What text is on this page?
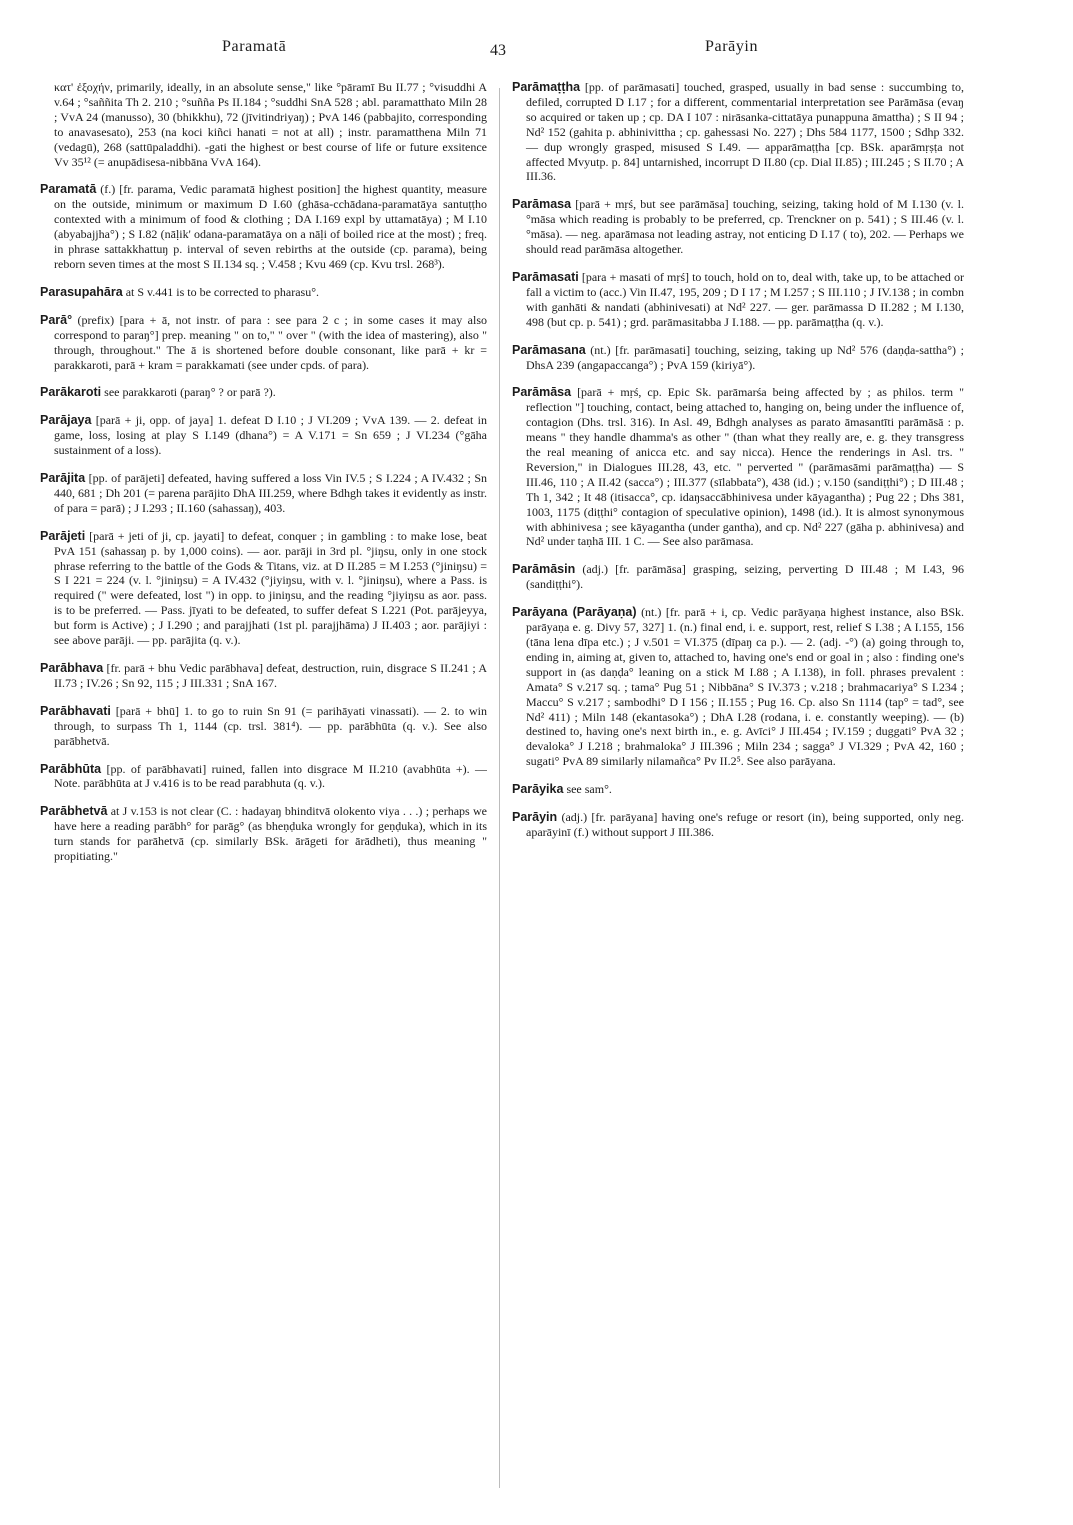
Paramatā	43	Parāyin

κατ' ἐξοχήν, primarily, ideally, in an absolute sense," like °pāramī Bu II.77 ; °visuddhi A v.64 ; °saññita Th 2. 210 ; °suñña Ps II.184 ; °suddhi SnA 528 ; abl. paramatthato Miln 28 ; VvA 24 (manusso), 30 (bhikkhu), 72 (jīvitindriyaŋ) ; PvA 146 (pabbajito, corresponding to anavasesato), 253 (na koci kiñci hanati = not at all) ; instr. paramatthena Miln 71 (vedagū), 268 (sattūpaladdhi). -gati the highest or best course of life or future exsitence Vv 35¹² (= anupādisesa-nibbāna VvA 164).

Paramatā (f.) [fr. parama, Vedic paramatā highest position] the highest quantity, measure on the outside, minimum or maximum D I.60 (ghāsa-cchādana-paramatāya santuṭṭho contexted with a minimum of food & clothing ; DA I.169 expl by uttamatāya) ; M I.10 (abyabajjha°) ; S I.82 (nāḷik' odana-paramatāya on a nāḷi of boiled rice at the most) ; freq. in phrase sattakkhattuŋ p. interval of seven rebirths at the outside (cp. parama), being reborn seven times at the most S II.134 sq. ; V.458 ; Kvu 469 (cp. Kvu trsl. 268³).

Parasupahāra at S v.441 is to be corrected to pharasu°.

Parā° (prefix) [para + ā, not instr. of para : see para 2 c ; in some cases it may also correspond to paraŋ°] prep. meaning " on to," " over " (with the idea of mastering), also " through, throughout." The ā is shortened before double consonant, like parā + kr = parakkaroti, parā + kram = parakkamati (see under cpds. of para).

Parākaroti see parakkaroti (paraŋ° ? or parā ?).

Parājaya [parā + ji, opp. of jaya] 1. defeat D I.10 ; J VI.209 ; VvA 139. — 2. defeat in game, loss, losing at play S I.149 (dhana°) = A V.171 = Sn 659 ; J VI.234 (°gāha sustainment of a loss).

Parājita [pp. of parājeti] defeated, having suffered a loss Vin IV.5 ; S I.224 ; A IV.432 ; Sn 440, 681 ; Dh 201 (= parena parājito DhA III.259, where Bdhgh takes it evidently as instr. of para = parā) ; J I.293 ; II.160 (sahassaŋ), 403.

Parājeti [parā + jeti of ji, cp. jayati] to defeat, conquer ; in gambling : to make lose, beat PvA 151 (sahassaŋ p. by 1,000 coins). — aor. parāji in 3rd pl. °jiŋsu, only in one stock phrase referring to the battle of the Gods & Titans, viz. at D II.285 = M I.253 (°jiniŋsu) = S I 221 = 224 (v. l. °jiniŋsu) = A IV.432 (°jiyiŋsu, with v. l. °jiniŋsu), where a Pass. is required (" were defeated, lost ") in opp. to jiniŋsu, and the reading °jiyiŋsu as aor. pass. is to be preferred. — Pass. jīyati to be defeated, to suffer defeat S I.221 (Pot. parājeyya, but form is Active) ; J I.290 ; and parajjhati (1st pl. parajjhāma) J II.403 ; aor. parājiyi : see above parāji. — pp. parājita (q. v.).

Parābhava [fr. parā + bhu Vedic parābhava] defeat, destruction, ruin, disgrace S II.241 ; A II.73 ; IV.26 ; Sn 92, 115 ; J III.331 ; SnA 167.

Parābhavati [parā + bhū] 1. to go to ruin Sn 91 (= parihāyati vinassati). — 2. to win through, to surpass Th 1, 1144 (cp. trsl. 381⁴). — pp. parābhūta (q. v.). See also parābhetvā.

Parābhūta [pp. of parābhavati] ruined, fallen into disgrace M II.210 (avabhūta +). — Note. parābhūta at J v.416 is to be read parabhuta (q. v.).

Parābhetvā at J v.153 is not clear (C. : hadayaŋ bhinditvā olokento viya . . .) ; perhaps we have here a reading parābh° for parāg° (as bheṇḍuka wrongly for geṇḍuka), which in its turn stands for parāhetvā (cp. similarly BSk. ārāgeti for ārādheti), thus meaning " propitiating."

Parāmaṭṭha [pp. of parāmasati] touched, grasped, usually in bad sense : succumbing to, defiled, corrupted D I.17 ; for a different, commentarial interpretation see Parāmāsa (evaŋ so acquired or taken up ; cp. DA I 107 : nirāsanka-cittatāya punappuna āmattha) ; S II 94 ; Nd² 152 (gahita p. abhinivittha ; cp. gahessasi No. 227) ; Dhs 584 1177, 1500 ; Sdhp 332. — dup wrongly grasped, misused S I.49. — apparāmaṭṭha [cp. BSk. aparāmṛṣṭa not affected Mvyutp. p. 84] untarnished, incorrupt D II.80 (cp. Dial II.85) ; III.245 ; S II.70 ; A III.36.

Parāmasa [parā + mṛś, but see parāmāsa] touching, seizing, taking hold of M I.130 (v. l. °māsa which reading is probably to be preferred, cp. Trenckner on p. 541) ; S III.46 (v. l. °māsa). — neg. aparāmasa not leading astray, not enticing D I.17 ( to), 202. — Perhaps we should read parāmāsa altogether.

Parāmasati [para + masati of mṛś] to touch, hold on to, deal with, take up, to be attached or fall a victim to (acc.) Vin II.47, 195, 209 ; D I 17 ; M I.257 ; S III.110 ; J IV.138 ; in combn with ganhāti & nandati (abhinivesati) at Nd² 227. — ger. parāmassa D II.282 ; M I.130, 498 (but cp. p. 541) ; grd. parāmasitabba J I.188. — pp. parāmaṭṭha (q. v.).

Parāmasana (nt.) [fr. parāmasati] touching, seizing, taking up Nd² 576 (daṇḍa-sattha°) ; DhsA 239 (angapaccanga°) ; PvA 159 (kiriyā°).

Parāmāsa [parā + mṛś, cp. Epic Sk. parāmarśa being affected by ; as philos. term " reflection "] touching, contact, being attached to, hanging on, being under the influence of, contagion (Dhs. trsl. 316). In Asl. 49, Bdhgh analyses as parato āmasantīti parāmāsā : p. means " they handle dhamma's as other " (than what they really are, e. g. they transgress the real meaning of anicca etc. and say nicca). Hence the renderings in Asl. trs. " Reversion," in Dialogues III.28, 43, etc. " perverted " (parāmasāmi parāmaṭṭha) — S III.46, 110 ; A II.42 (sacca°) ; III.377 (sīlabbata°), 438 (id.) ; v.150 (sandiṭṭhi°) ; D III.48 ; Th 1, 342 ; It 48 (itisacca°, cp. idaŋsaccābhinivesa under kāyagantha) ; Pug 22 ; Dhs 381, 1003, 1175 (diṭṭhi° contagion of speculative opinion), 1498 (id.). It is almost synonymous with abhinivesa ; see kāyagantha (under gantha), and cp. Nd² 227 (gāha p. abhinivesa) and Nd² under taṇhā III. 1 C. — See also parāmasa.

Parāmāsin (adj.) [fr. parāmāsa] grasping, seizing, perverting D III.48 ; M I.43, 96 (sandiṭṭhi°).

Parāyana (Parāyaṇa) (nt.) [fr. parā + i, cp. Vedic parāyaṇa highest instance, also BSk. parāyaṇa e. g. Divy 57, 327] 1. (n.) final end, i. e. support, rest, relief S I.38 ; A I.155, 156 (tāna lena dīpa etc.) ; J v.501 = VI.375 (dīpaŋ ca p.). — 2. (adj. -°) (a) going through to, ending in, aiming at, given to, attached to, having one's end or goal in ; also : finding one's support in (as daṇḍa° leaning on a stick M I.88 ; A I.138), in foll. phrases prevalent : Amata° S v.217 sq. ; tama° Pug 51 ; Nibbāna° S IV.373 ; v.218 ; brahmacariya° S I.234 ; Maccu° S v.217 ; sambodhi° D I 156 ; II.155 ; Pug 16. Cp. also Sn 1114 (tap° = tad°, see Nd² 411) ; Miln 148 (ekantasoka°) ; DhA I.28 (rodana, i. e. constantly weeping). — (b) destined to, having one's next birth in., e. g. Avīci° J III.454 ; IV.159 ; duggati° PvA 32 ; devaloka° J I.218 ; brahmaloka° J III.396 ; Miln 234 ; sagga° J VI.329 ; PvA 42, 160 ; sugati° PvA 89 similarly nilamañca° Pv II.2⁵. See also parāyana.

Parāyika see sam°.

Parāyin (adj.) [fr. parāyana] having one's refuge or resort (in), being supported, only neg. aparāyinī (f.) without support J III.386.
